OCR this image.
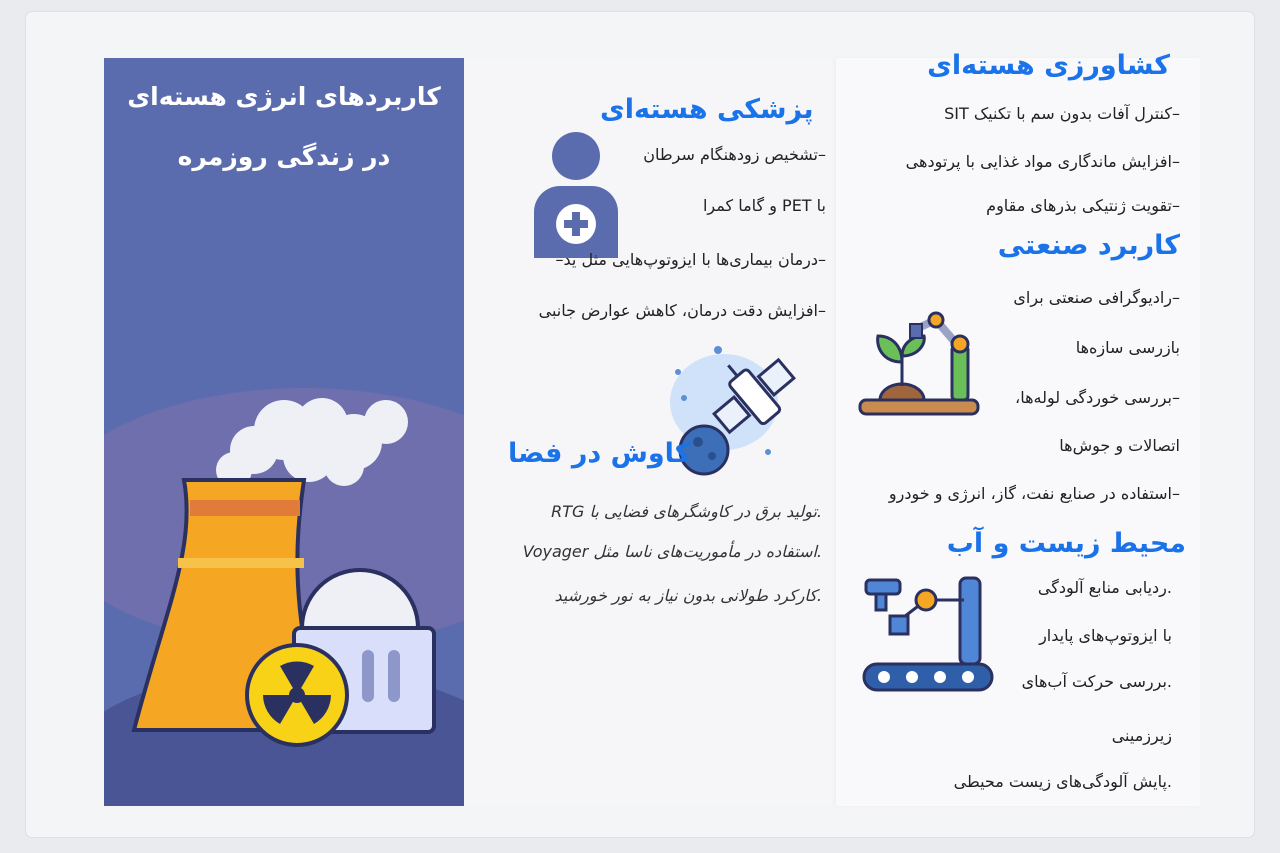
کاربردهای انرژی هسته‌ای
در زندگی روزمره
پزشکی هسته‌ای
–تشخیص زودهنگام سرطان
با PET و گاما کمرا
–درمان بیماری‌ها با ایزوتوپ‌هایی مثل ید–
–افزایش دقت درمان، کاهش عوارض جانبی
کاوش در فضا
.تولید برق در کاوشگرهای فضایی با RTG
.استفاده در مأموریت‌های ناسا مثل Voyager
.کارکرد طولانی بدون نیاز به نور خورشید
کشاورزی هسته‌ای
–کنترل آفات بدون سم با تکنیک SIT
–افزایش ماندگاری مواد غذایی با پرتودهی
–تقویت ژنتیکی بذرهای مقاوم
کاربرد صنعتی
–رادیوگرافی صنعتی برای
بازرسی سازه‌ها
–بررسی خوردگی لوله‌ها،
اتصالات و جوش‌ها
–استفاده در صنایع نفت، گاز، انرژی و خودرو
محیط زیست و آب
.ردیابی منابع آلودگی
با ایزوتوپ‌های پایدار
.بررسی حرکت آب‌های
زیرزمینی
.پایش آلودگی‌های زیست محیطی
